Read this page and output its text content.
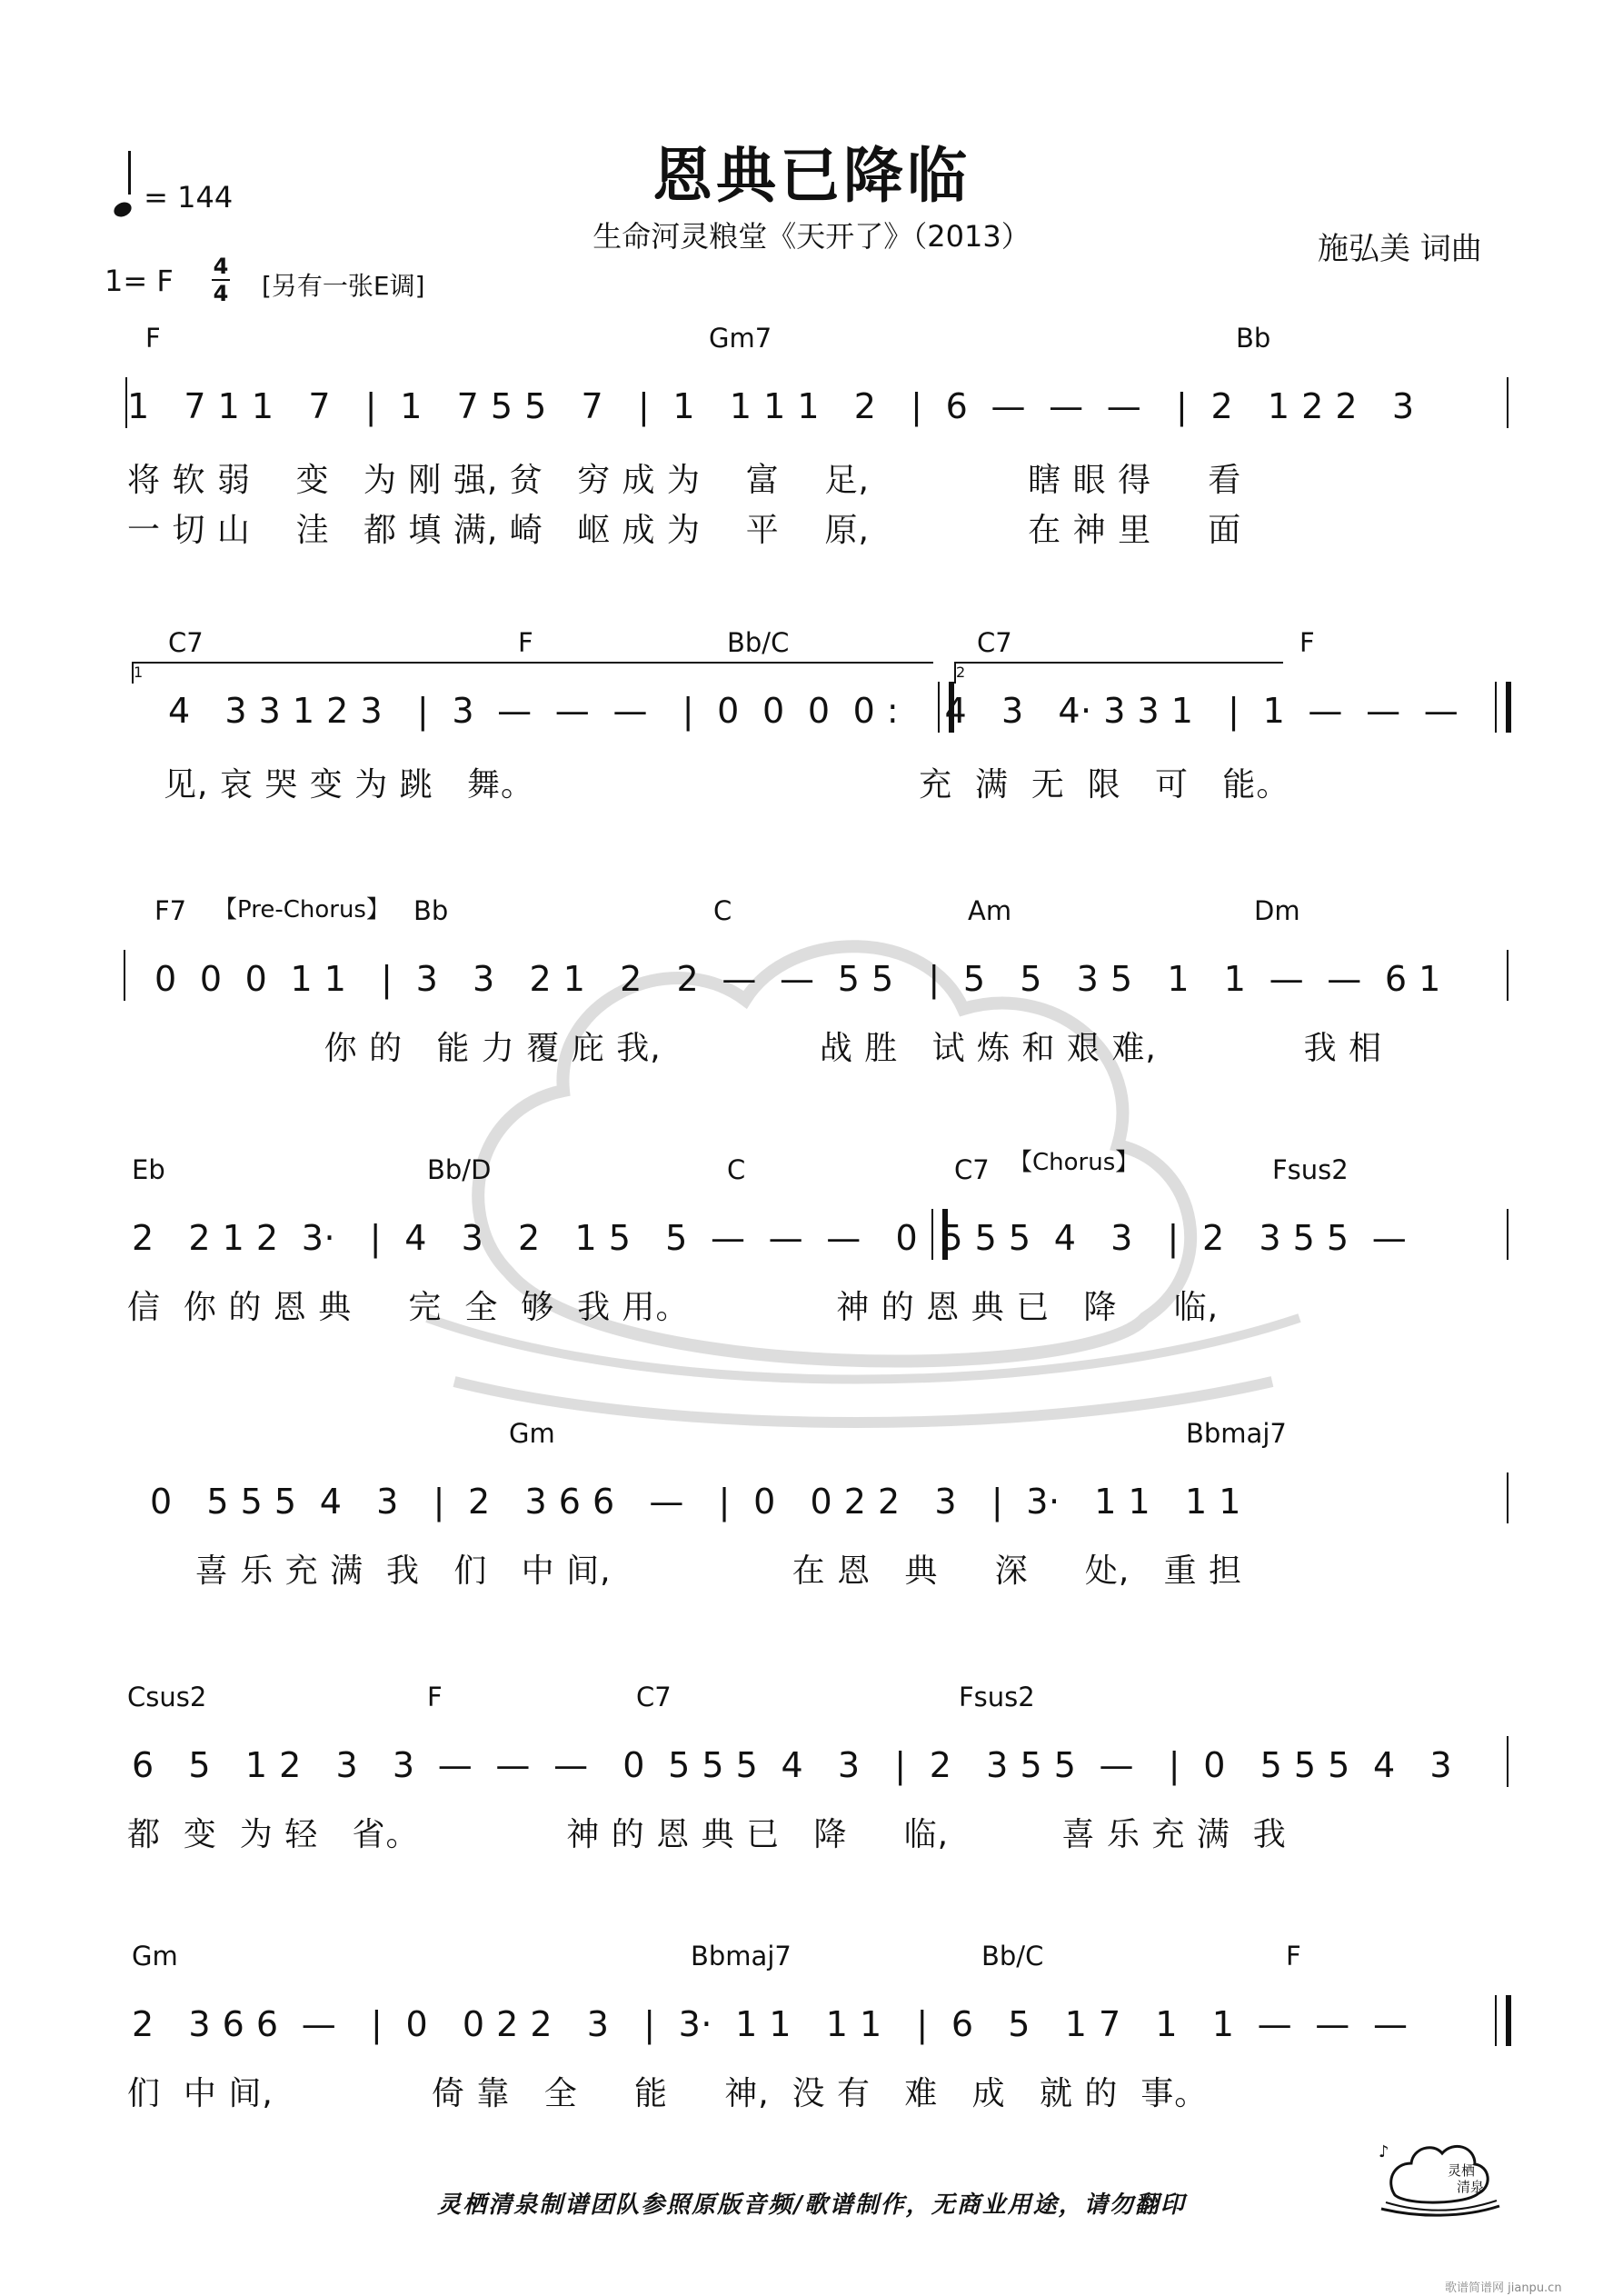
恩典已降临
生命河灵粮堂《天开了》（2013）	施弘美 词曲
= 144
1= F 4
4 [另有一张E调]
F	Gm7	Bb
1   7 1 1   7   |  1   7 5 5   7   |  1   1 1 1   2   |  6  —  —  —   |  2   1 2 2   3
将 软 弱    变   为 刚 强, 贫   穷 成 为    富    足,              瞎 眼 得     看
一 切 山    洼   都 填 满, 崎   岖 成 为    平    原,              在 神 里     面
C7	F	Bb/C	C7	F
1	2
4   3 3 1 2 3   |  3  —  —  —   |  0  0  0  0 :    4   3   4· 3 3 1   |  1  —  —  —
见, 哀 哭 变 为 跳   舞。                                  充  满  无  限   可   能。
F7	Bb	C	Am	Dm
【Pre-Chorus】
0  0  0  1 1   |  3   3   2 1   2   2  —  —  5 5   |  5   5   3 5   1   1  —  —  6 1
你 的   能 力 覆 庇 我,              战 胜   试 炼 和 艰 难,             我 相
Eb	Bb/D	C	C7	Fsus2
【Chorus】
2   2 1 2  3·   |  4   3   2   1 5   5  —  —  —   0  5 5 5  4   3   |  2   3 5 5  —
信  你 的 恩 典     完  全  够  我 用。             神 的 恩 典 已   降     临,
Gm	Bbmaj7
0   5 5 5  4   3   |  2   3 6 6   —   |  0   0 2 2   3   |  3·   1 1   1 1
喜 乐 充 满  我   们   中 间,                在 恩   典     深     处,   重 担
Csus2	F	C7	Fsus2
6   5   1 2   3   3  —  —  —   0  5 5 5  4   3   |  2   3 5 5  —   |  0   5 5 5  4   3
都  变  为 轻   省。             神 的 恩 典 已   降     临,          喜 乐 充 满  我
Gm	Bbmaj7	Bb/C	F
2   3 6 6  —   |  0   0 2 2   3   |  3·  1 1   1 1   |  6   5   1 7   1   1  —  —  —
们  中 间,              倚 靠   全     能     神,  没 有   难   成   就 的  事。
灵栖清泉制谱团队参照原版音频/歌谱制作，无商业用途，请勿翻印
灵栖
清泉
♪
歌谱简谱网 jianpu.cn
